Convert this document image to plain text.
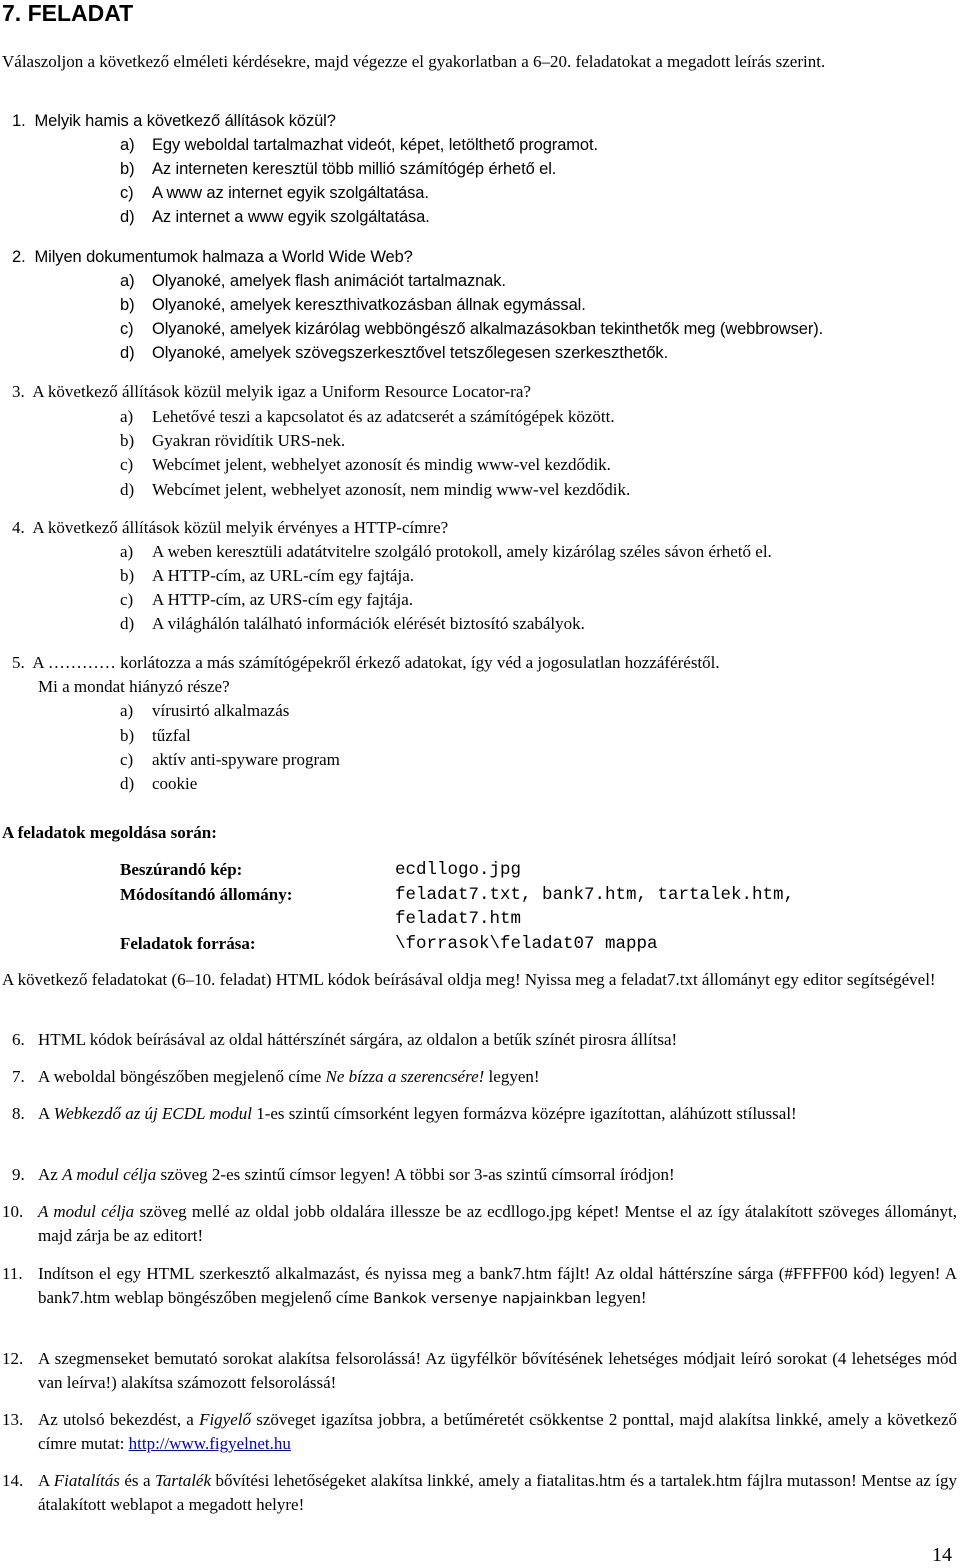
7. FELADAT
Válaszoljon a következő elméleti kérdésekre, majd végezze el gyakorlatban a 6–20. feladatokat a megadott leírás szerint.
1. Melyik hamis a következő állítások közül?
a) Egy weboldal tartalmazhat videót, képet, letölthető programot.
b) Az interneten keresztül több millió számítógép érhető el.
c) A www az internet egyik szolgáltatása.
d) Az internet a www egyik szolgáltatása.
2. Milyen dokumentumok halmaza a World Wide Web?
a) Olyanoké, amelyek flash animációt tartalmaznak.
b) Olyanoké, amelyek kereszthivatkozásban állnak egymással.
c) Olyanoké, amelyek kizárólag webböngésző alkalmazásokban tekinthetők meg (webbrowser).
d) Olyanoké, amelyek szövegszerkesztővel tetszőlegesen szerkeszthetők.
3. A következő állítások közül melyik igaz a Uniform Resource Locator-ra?
a) Lehetővé teszi a kapcsolatot és az adatcserét a számítógépek között.
b) Gyakran rövidítik URS-nek.
c) Webcímet jelent, webhelyet azonosít és mindig www-vel kezdődik.
d) Webcímet jelent, webhelyet azonosít, nem mindig www-vel kezdődik.
4. A következő állítások közül melyik érvényes a HTTP-címre?
a) A weben keresztüli adatátvitelre szolgáló protokoll, amely kizárólag széles sávon érhető el.
b) A HTTP-cím, az URL-cím egy fajtája.
c) A HTTP-cím, az URS-cím egy fajtája.
d) A világhálón található információk elérését biztosító szabályok.
5. A ………… korlátozza a más számítógépekről érkező adatokat, így véd a jogosulatlan hozzáféréstől.
Mi a mondat hiányzó része?
a) vírusirtó alkalmazás
b) tűzfal
c) aktív anti-spyware program
d) cookie
A feladatok megoldása során:
Beszúrandó kép:	ecdllogo.jpg
Módosítandó állomány:	feladat7.txt, bank7.htm, tartalek.htm,
feladat7.htm
Feladatok forrása:	\forrasok\feladat07 mappa
A következő feladatokat (6–10. feladat) HTML kódok beírásával oldja meg! Nyissa meg a feladat7.txt állományt egy editor segítségével!
6. HTML kódok beírásával az oldal háttérszínét sárgára, az oldalon a betűk színét pirosra állítsa!
7. A weboldal böngészőben megjelenő címe Ne bízza a szerencsére! legyen!
8. A Webkezdő az új ECDL modul 1-es szintű címsorként legyen formázva középre igazítottan, aláhúzott stílussal!
9. Az A modul célja szöveg 2-es szintű címsor legyen! A többi sor 3-as szintű címsorral íródjon!
10. A modul célja szöveg mellé az oldal jobb oldalára illessze be az ecdllogo.jpg képet! Mentse el az így átalakított szöveges állományt, majd zárja be az editort!
11. Indítson el egy HTML szerkesztő alkalmazást, és nyissa meg a bank7.htm fájlt! Az oldal háttérszíne sárga (#FFFF00 kód) legyen! A bank7.htm weblap böngészőben megjelenő címe Bankok versenye napjainkban legyen!
12. A szegmenseket bemutató sorokat alakítsa felsorolássá! Az ügyfélkör bővítésének lehetséges módjait leíró sorokat (4 lehetséges mód van leírva!) alakítsa számozott felsorolássá!
13. Az utolsó bekezdést, a Figyelő szöveget igazítsa jobbra, a betűméretét csökkentse 2 ponttal, majd alakítsa linkké, amely a következő címre mutat: http://www.figyelnet.hu
14. A Fiatalítás és a Tartalék bővítési lehetőségeket alakítsa linkké, amely a fiatalitas.htm és a tartalek.htm fájlra mutasson! Mentse az így átalakított weblapot a megadott helyre!
14
